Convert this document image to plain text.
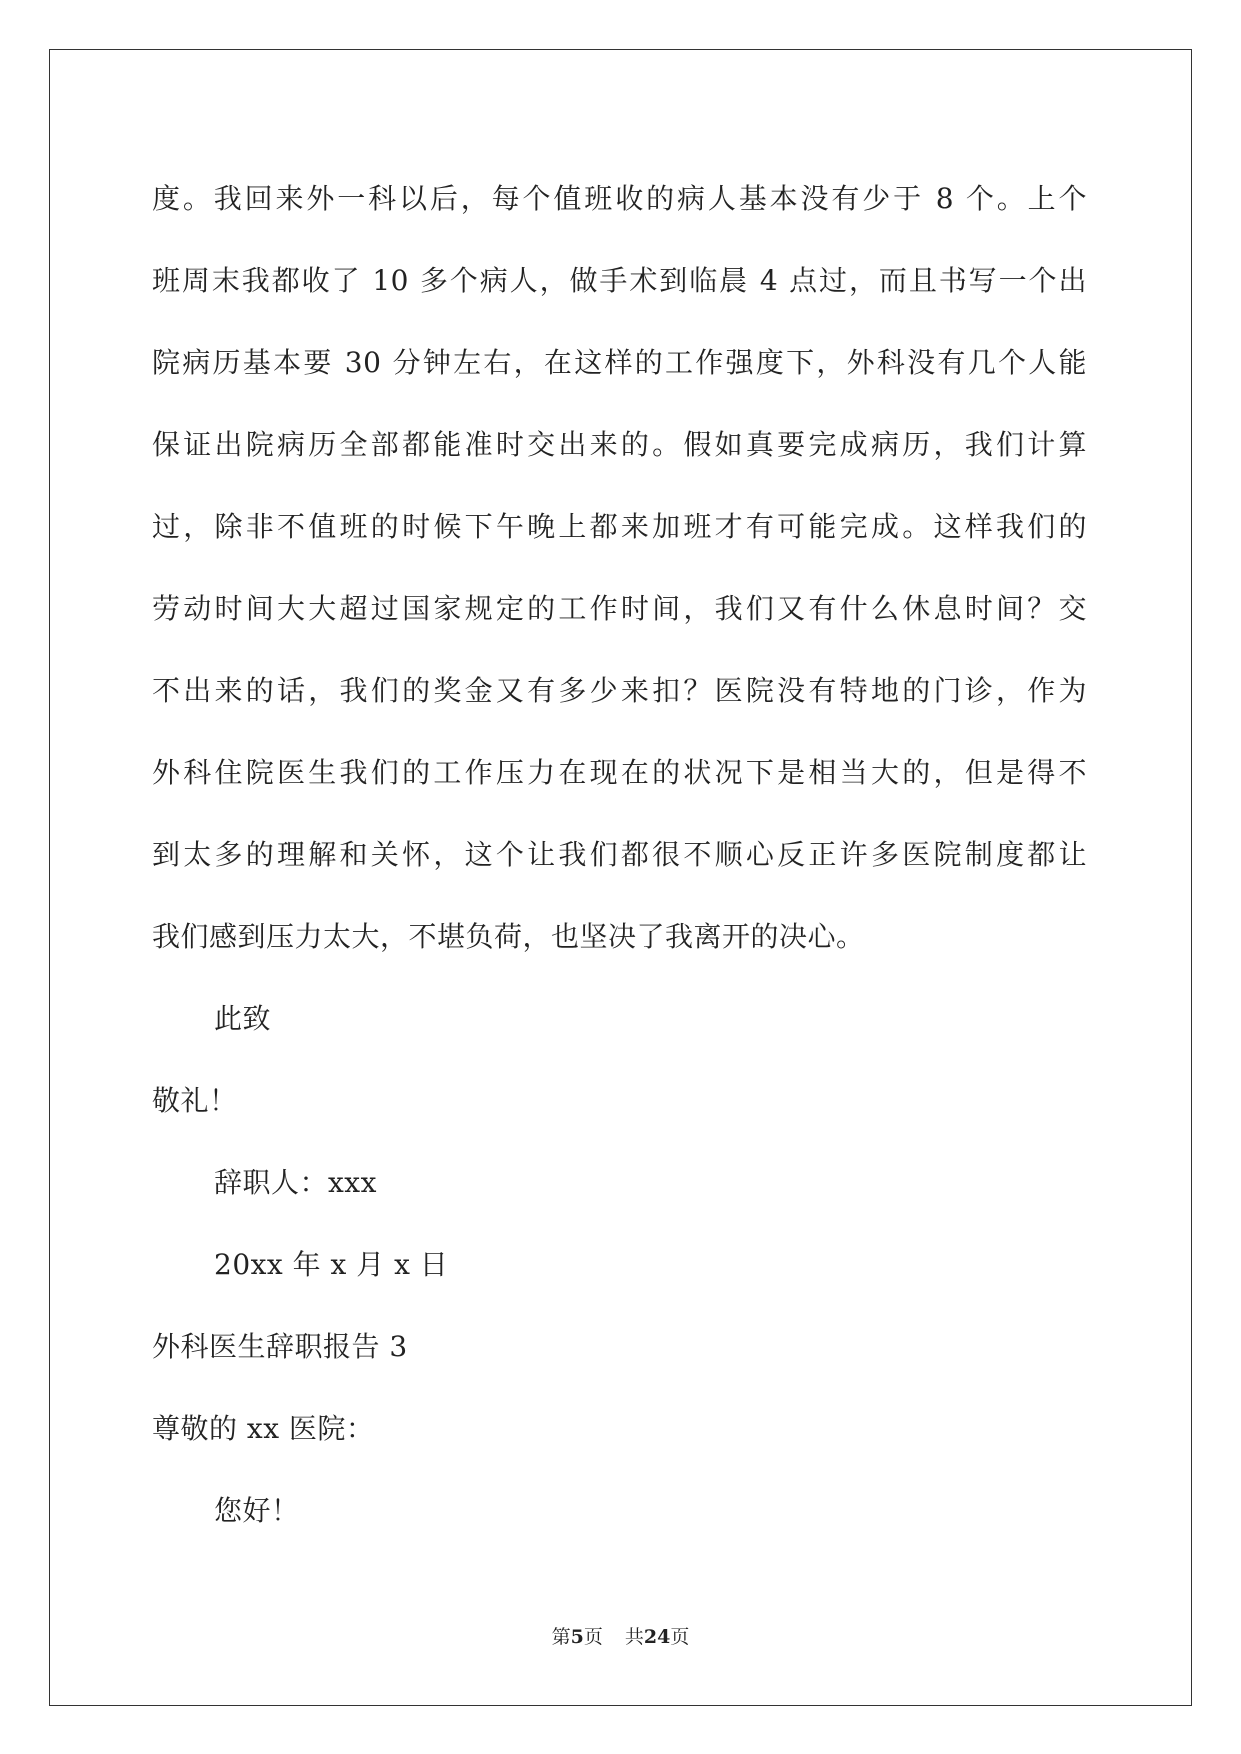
度。我回来外一科以后，每个值班收的病人基本没有少于 8 个。上个
班周末我都收了 10 多个病人，做手术到临晨 4 点过，而且书写一个出
院病历基本要 30 分钟左右，在这样的工作强度下，外科没有几个人能
保证出院病历全部都能准时交出来的。假如真要完成病历，我们计算
过，除非不值班的时候下午晚上都来加班才有可能完成。这样我们的
劳动时间大大超过国家规定的工作时间，我们又有什么休息时间？交
不出来的话，我们的奖金又有多少来扣？医院没有特地的门诊，作为
外科住院医生我们的工作压力在现在的状况下是相当大的，但是得不
到太多的理解和关怀，这个让我们都很不顺心反正许多医院制度都让
我们感到压力太大，不堪负荷，也坚决了我离开的决心。
此致
敬礼！
辞职人：xxx
20xx 年 x 月 x 日
外科医生辞职报告 3
尊敬的 xx 医院：
您好！
第5页 共24页
